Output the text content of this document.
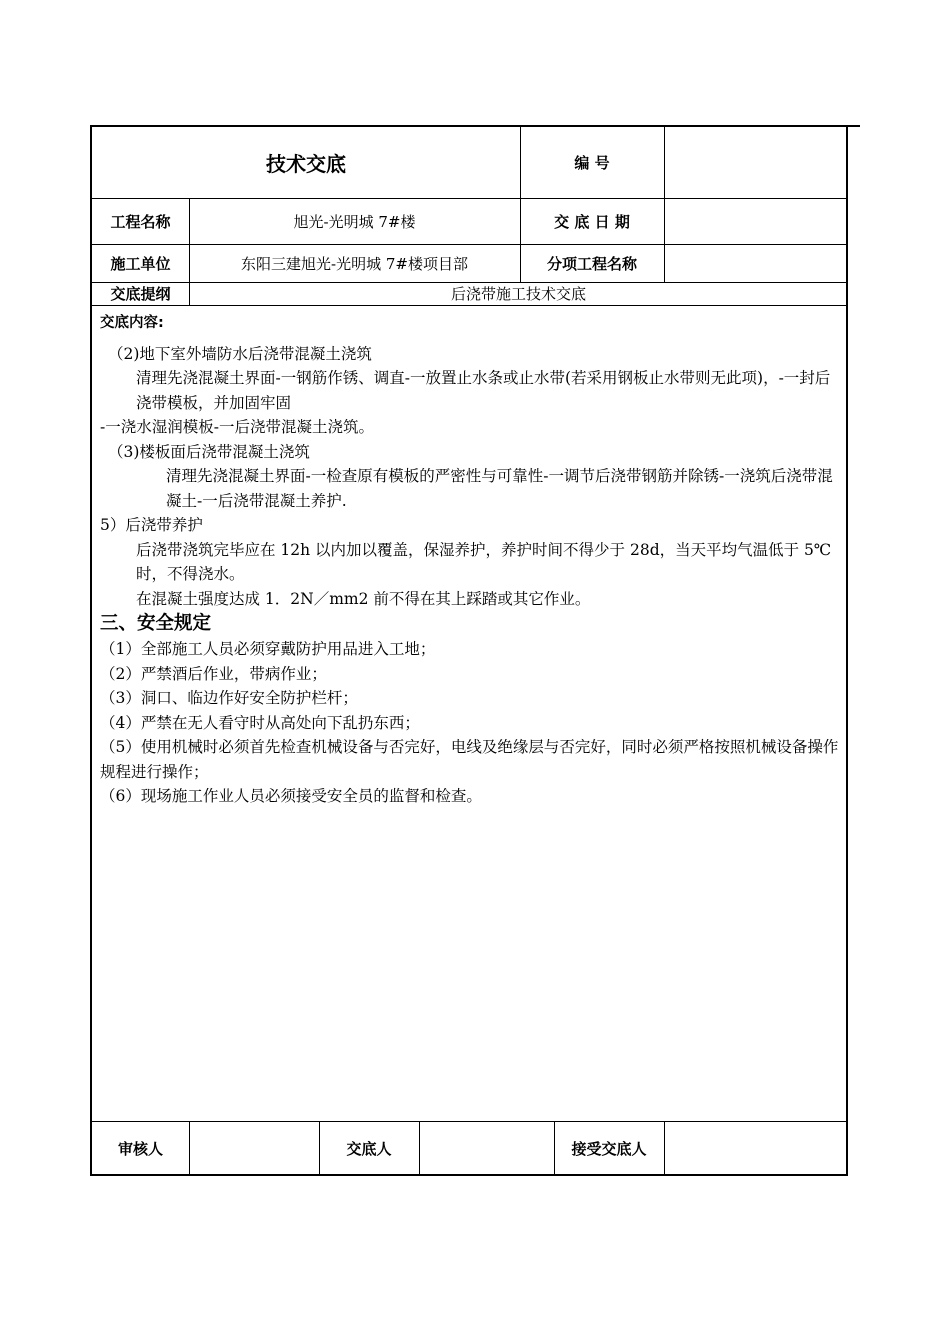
技术交底	编 号
工程名称	旭光-光明城 7#楼	交 底 日 期
施工单位	东阳三建旭光-光明城 7#楼项目部	分项工程名称
交底提纲	后浇带施工技术交底

交底内容:

（2)地下室外墙防水后浇带混凝土浇筑

清理先浇混凝土界面-一钢筋作锈、调直-一放置止水条或止水带(若采用钢板止水带则无此项)，-一封后浇带模板，并加固牢固

-一浇水湿润模板-一后浇带混凝土浇筑。

（3)楼板面后浇带混凝土浇筑

清理先浇混凝土界面-一检查原有模板的严密性与可靠性-一调节后浇带钢筋并除锈-一浇筑后浇带混凝土-一后浇带混凝土养护.

5）后浇带养护

后浇带浇筑完毕应在 12h 以内加以覆盖，保湿养护，养护时间不得少于 28d，当天平均气温低于 5℃时，不得浇水。

在混凝土强度达成 1．2N／mm2 前不得在其上踩踏或其它作业。

三、安全规定

（1）全部施工人员必须穿戴防护用品进入工地；

（2）严禁酒后作业，带病作业；

（3）洞口、临边作好安全防护栏杆；

（4）严禁在无人看守时从高处向下乱扔东西；

（5）使用机械时必须首先检查机械设备与否完好，电线及绝缘层与否完好，同时必须严格按照机械设备操作规程进行操作；

（6）现场施工作业人员必须接受安全员的监督和检查。

审核人	交底人	接受交底人
